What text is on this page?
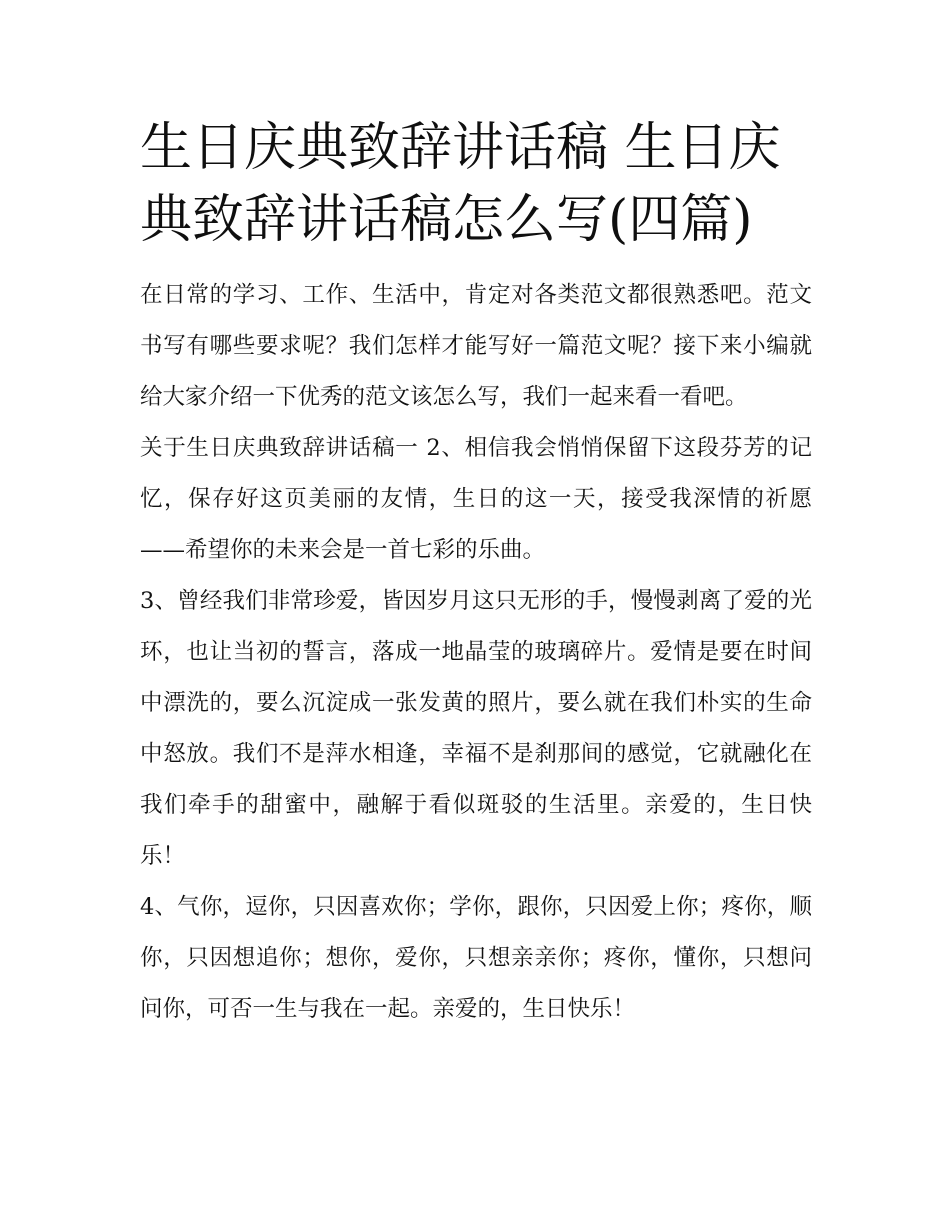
生日庆典致辞讲话稿 生日庆典致辞讲话稿怎么写(四篇)

在日常的学习、工作、生活中，肯定对各类范文都很熟悉吧。范文书写有哪些要求呢？我们怎样才能写好一篇范文呢？接下来小编就给大家介绍一下优秀的范文该怎么写，我们一起来看一看吧。

关于生日庆典致辞讲话稿一 2、相信我会悄悄保留下这段芬芳的记忆，保存好这页美丽的友情，生日的这一天，接受我深情的祈愿——希望你的未来会是一首七彩的乐曲。

3、曾经我们非常珍爱，皆因岁月这只无形的手，慢慢剥离了爱的光环，也让当初的誓言，落成一地晶莹的玻璃碎片。爱情是要在时间中漂洗的，要么沉淀成一张发黄的照片，要么就在我们朴实的生命中怒放。我们不是萍水相逢，幸福不是刹那间的感觉，它就融化在我们牵手的甜蜜中，融解于看似斑驳的生活里。亲爱的，生日快乐！

4、气你，逗你，只因喜欢你；学你，跟你，只因爱上你；疼你，顺你，只因想追你；想你，爱你，只想亲亲你；疼你，懂你，只想问问你，可否一生与我在一起。亲爱的，生日快乐！
